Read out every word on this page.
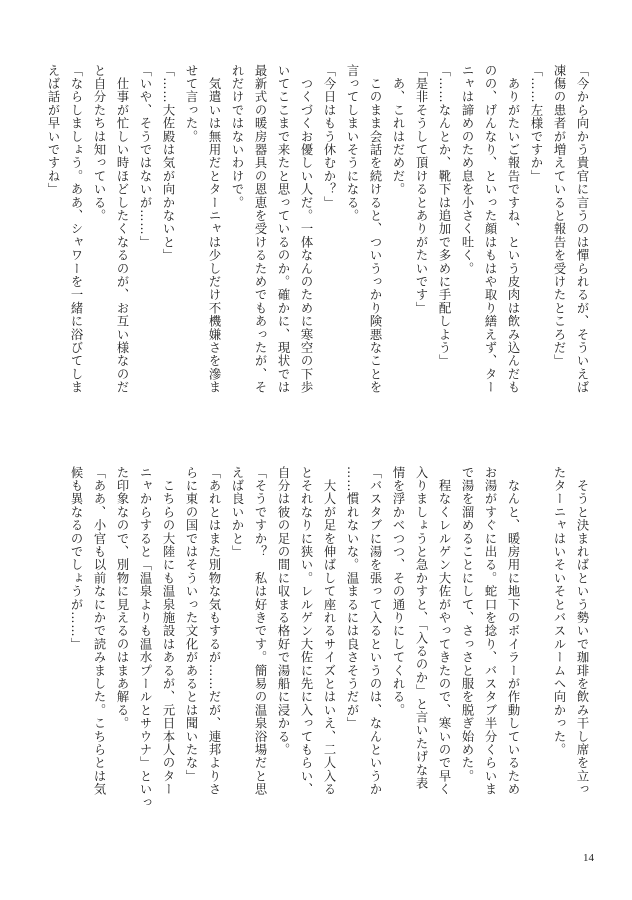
「今から向かう貴官に言うのは憚られるが、そういえば
凍傷の患者が増えていると報告を受けたところだ」
「……左様ですか」
　ありがたいご報告ですね、という皮肉は飲み込んだも
のの、げんなり、といった顔はもはや取り繕えず、ター
ニャは諦めのため息を小さく吐く。
「……なんとか、靴下は追加で多めに手配しよう」
「是非そうして頂けるとありがたいです」
　あ、これはだめだ。
　このまま会話を続けると、ついうっかり険悪なことを
言ってしまいそうになる。
「今日はもう休むか？」
　つくづくお優しい人だ。一体なんのために寒空の下歩
いてここまで来たと思っているのか。確かに、現状では
最新式の暖房器具の恩恵を受けるためでもあったが、そ
れだけではないわけで。
　気遣いは無用だとターニャは少しだけ不機嫌さを滲ま
せて言った。
「……大佐殿は気が向かないと」
「いや、そうではないが……」
　仕事が忙しい時ほどしたくなるのが、お互い様なのだ
と自分たちは知っている。
「ならしましょう。ああ、シャワーを一緒に浴びてしま
えば話が早いですね」
　そうと決まればという勢いで珈琲を飲み干し席を立っ
たターニャはいそいそとバスルームへ向かった。
　なんと、暖房用に地下のボイラーが作動しているため
お湯がすぐに出る。蛇口を捻り、バスタブ半分くらいま
で湯を溜めることにして、さっさと服を脱ぎ始めた。
　程なくレルゲン大佐がやってきたので、寒いので早く
入りましょうと急かすと、「入るのか」と言いたげな表
情を浮かべつつ、その通りにしてくれる。
「バスタブに湯を張って入るというのは、なんというか
……慣れないな。温まるには良さそうだが」
　大人が足を伸ばして座れるサイズとはいえ、二人入る
とそれなりに狭い。レルゲン大佐に先に入ってもらい、
自分は彼の足の間に収まる格好で湯船に浸かる。
「そうですか？　私は好きです。簡易の温泉浴場だと思
えば良いかと」
「あれとはまた別物な気もするが……だが、連邦よりさ
らに東の国ではそういった文化があるとは聞いたな」
　こちらの大陸にも温泉施設はあるが、元日本人のター
ニャからすると「温泉よりも温水プールとサウナ」といっ
た印象なので、別物に見えるのはまあ解る。
「ああ、小官も以前なにかで読みました。こちらとは気
候も異なるのでしょうが……」
14
